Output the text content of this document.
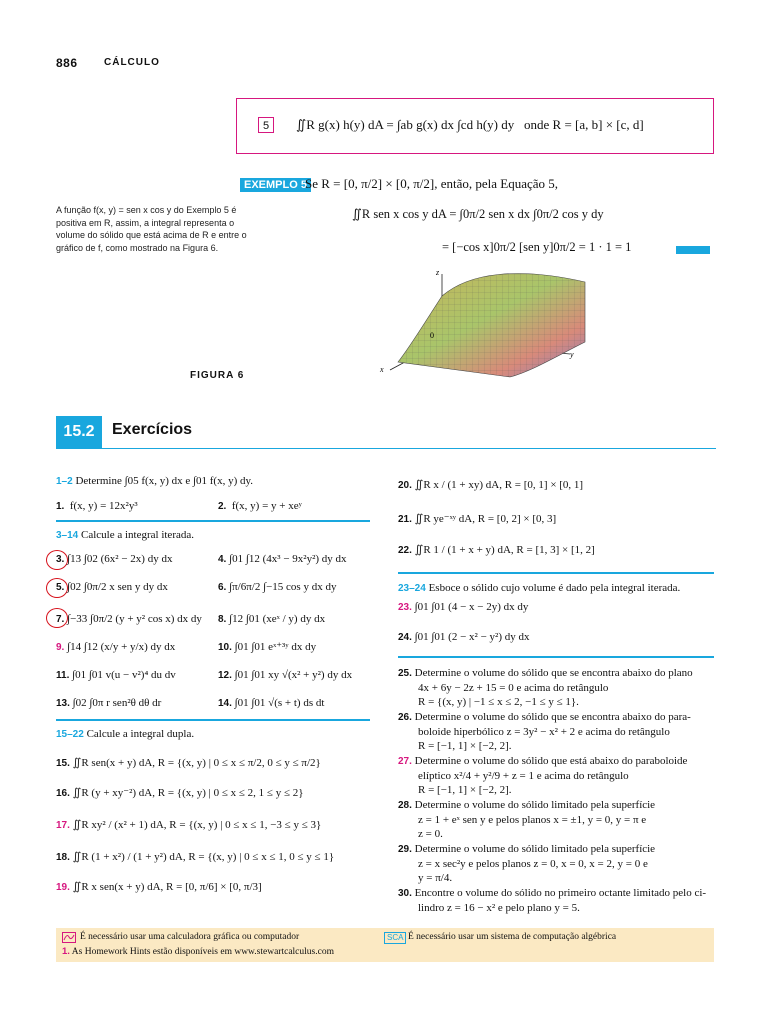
886	CÁLCULO
5	∬R g(x) h(y) dA = ∫ab g(x) dx ∫cd h(y) dy onde R = [a, b] × [c, d]
EXEMPLO 5
Se R = [0, π/2] × [0, π/2], então, pela Equação 5,
∬R sen x cos y dA = ∫0π/2 sen x dx ∫0π/2 cos y dy
= [−cos x]0π/2 [sen y]0π/2 = 1 · 1 = 1
A função f(x, y) = sen x cos y do Exemplo 5 é positiva em R, assim, a integral representa o volume do sólido que está acima de R e entre o gráfico de f, como mostrado na Figura 6.
z
y
x
0
FIGURA 6
15.2	Exercícios
1–2 Determine ∫05 f(x, y) dx e ∫01 f(x, y) dy.
1. f(x, y) = 12x²y³	2. f(x, y) = y + xeʸ
3–14 Calcule a integral iterada.
3. ∫13 ∫02 (6x² − 2x) dy dx	4. ∫01 ∫12 (4x³ − 9x²y²) dy dx
5. ∫02 ∫0π/2 x sen y dy dx	6. ∫π/6π/2 ∫−15 cos y dx dy
7. ∫−33 ∫0π/2 (y + y² cos x) dx dy 8. ∫12 ∫01 (xeˣ / y) dy dx
9. ∫14 ∫12 (x/y + y/x) dy dx	10. ∫01 ∫01 eˣ⁺³ʸ dx dy
11. ∫01 ∫01 v(u − v²)⁴ du dv	12. ∫01 ∫01 xy √(x² + y²) dy dx
13. ∫02 ∫0π r sen²θ dθ dr	14. ∫01 ∫01 √(s + t) ds dt
15–22 Calcule a integral dupla.
15. ∬R sen(x + y) dA, R = {(x, y) | 0 ≤ x ≤ π/2, 0 ≤ y ≤ π/2}
16. ∬R (y + xy⁻²) dA, R = {(x, y) | 0 ≤ x ≤ 2, 1 ≤ y ≤ 2}
17. ∬R xy² / (x² + 1) dA, R = {(x, y) | 0 ≤ x ≤ 1, −3 ≤ y ≤ 3}
18. ∬R (1 + x²) / (1 + y²) dA, R = {(x, y) | 0 ≤ x ≤ 1, 0 ≤ y ≤ 1}
19. ∬R x sen(x + y) dA, R = [0, π/6] × [0, π/3]
20. ∬R x / (1 + xy) dA, R = [0, 1] × [0, 1]
21. ∬R ye⁻ˣʸ dA, R = [0, 2] × [0, 3]
22. ∬R 1 / (1 + x + y) dA, R = [1, 3] × [1, 2]
23–24 Esboce o sólido cujo volume é dado pela integral iterada.
23. ∫01 ∫01 (4 − x − 2y) dx dy
24. ∫01 ∫01 (2 − x² − y²) dy dx
25. Determine o volume do sólido que se encontra abaixo do plano
4x + 6y − 2z + 15 = 0 e acima do retângulo
R = {(x, y) | −1 ≤ x ≤ 2, −1 ≤ y ≤ 1}.
26. Determine o volume do sólido que se encontra abaixo do para-
boloide hiperbólico z = 3y² − x² + 2 e acima do retângulo
R = [−1, 1] × [−2, 2].
27. Determine o volume do sólido que está abaixo do paraboloide
elíptico x²/4 + y²/9 + z = 1 e acima do retângulo
R = [−1, 1] × [−2, 2].
28. Determine o volume do sólido limitado pela superfície
z = 1 + eˣ sen y e pelos planos x = ±1, y = 0, y = π e
z = 0.
29. Determine o volume do sólido limitado pela superfície
z = x sec²y e pelos planos z = 0, x = 0, x = 2, y = 0 e
y = π/4.
30. Encontre o volume do sólido no primeiro octante limitado pelo ci-
lindro z = 16 − x² e pelo plano y = 5.
É necessário usar uma calculadora gráfica ou computador	SCA É necessário usar um sistema de computação algébrica
1. As Homework Hints estão disponíveis em www.stewartcalculus.com
